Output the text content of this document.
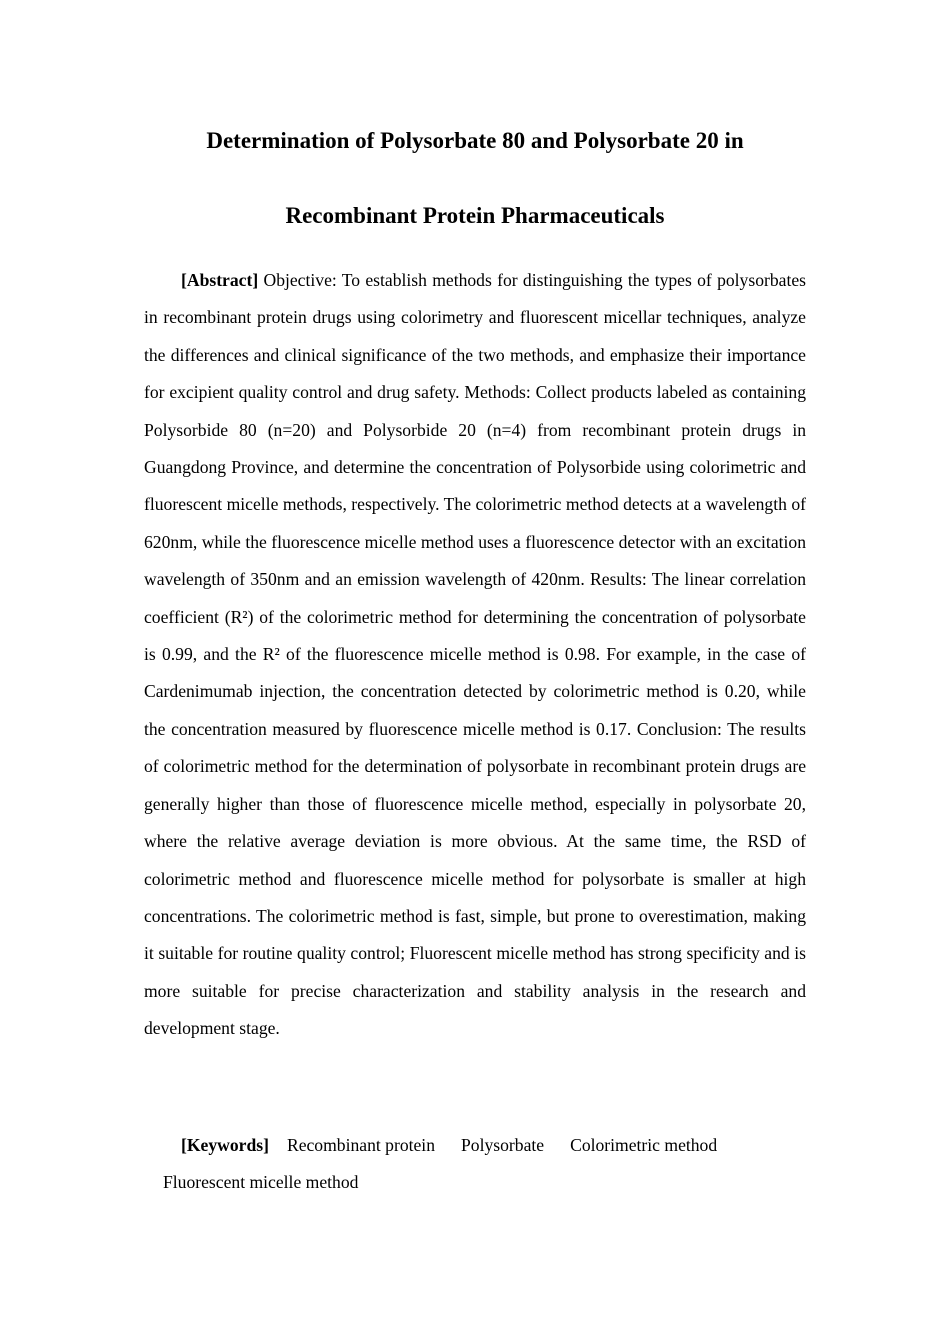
Determination of Polysorbate 80 and Polysorbate 20 in
Recombinant Protein Pharmaceuticals

[Abstract] Objective: To establish methods for distinguishing the types of polysorbates in recombinant protein drugs using colorimetry and fluorescent micellar techniques, analyze the differences and clinical significance of the two methods, and emphasize their importance for excipient quality control and drug safety. Methods: Collect products labeled as containing Polysorbide 80 (n=20) and Polysorbide 20 (n=4) from recombinant protein drugs in Guangdong Province, and determine the concentration of Polysorbide using colorimetric and fluorescent micelle methods, respectively. The colorimetric method detects at a wavelength of 620nm, while the fluorescence micelle method uses a fluorescence detector with an excitation wavelength of 350nm and an emission wavelength of 420nm. Results: The linear correlation coefficient (R²) of the colorimetric method for determining the concentration of polysorbate is 0.99, and the R² of the fluorescence micelle method is 0.98. For example, in the case of Cardenimumab injection, the concentration detected by colorimetric method is 0.20, while the concentration measured by fluorescence micelle method is 0.17. Conclusion: The results of colorimetric method for the determination of polysorbate in recombinant protein drugs are generally higher than those of fluorescence micelle method, especially in polysorbate 20, where the relative average deviation is more obvious. At the same time, the RSD of colorimetric method and fluorescence micelle method for polysorbate is smaller at high concentrations. The colorimetric method is fast, simple, but prone to overestimation, making it suitable for routine quality control; Fluorescent micelle method has strong specificity and is more suitable for precise characterization and stability analysis in the research and development stage.

[Keywords] Recombinant protein Polysorbate Colorimetric method
Fluorescent micelle method
